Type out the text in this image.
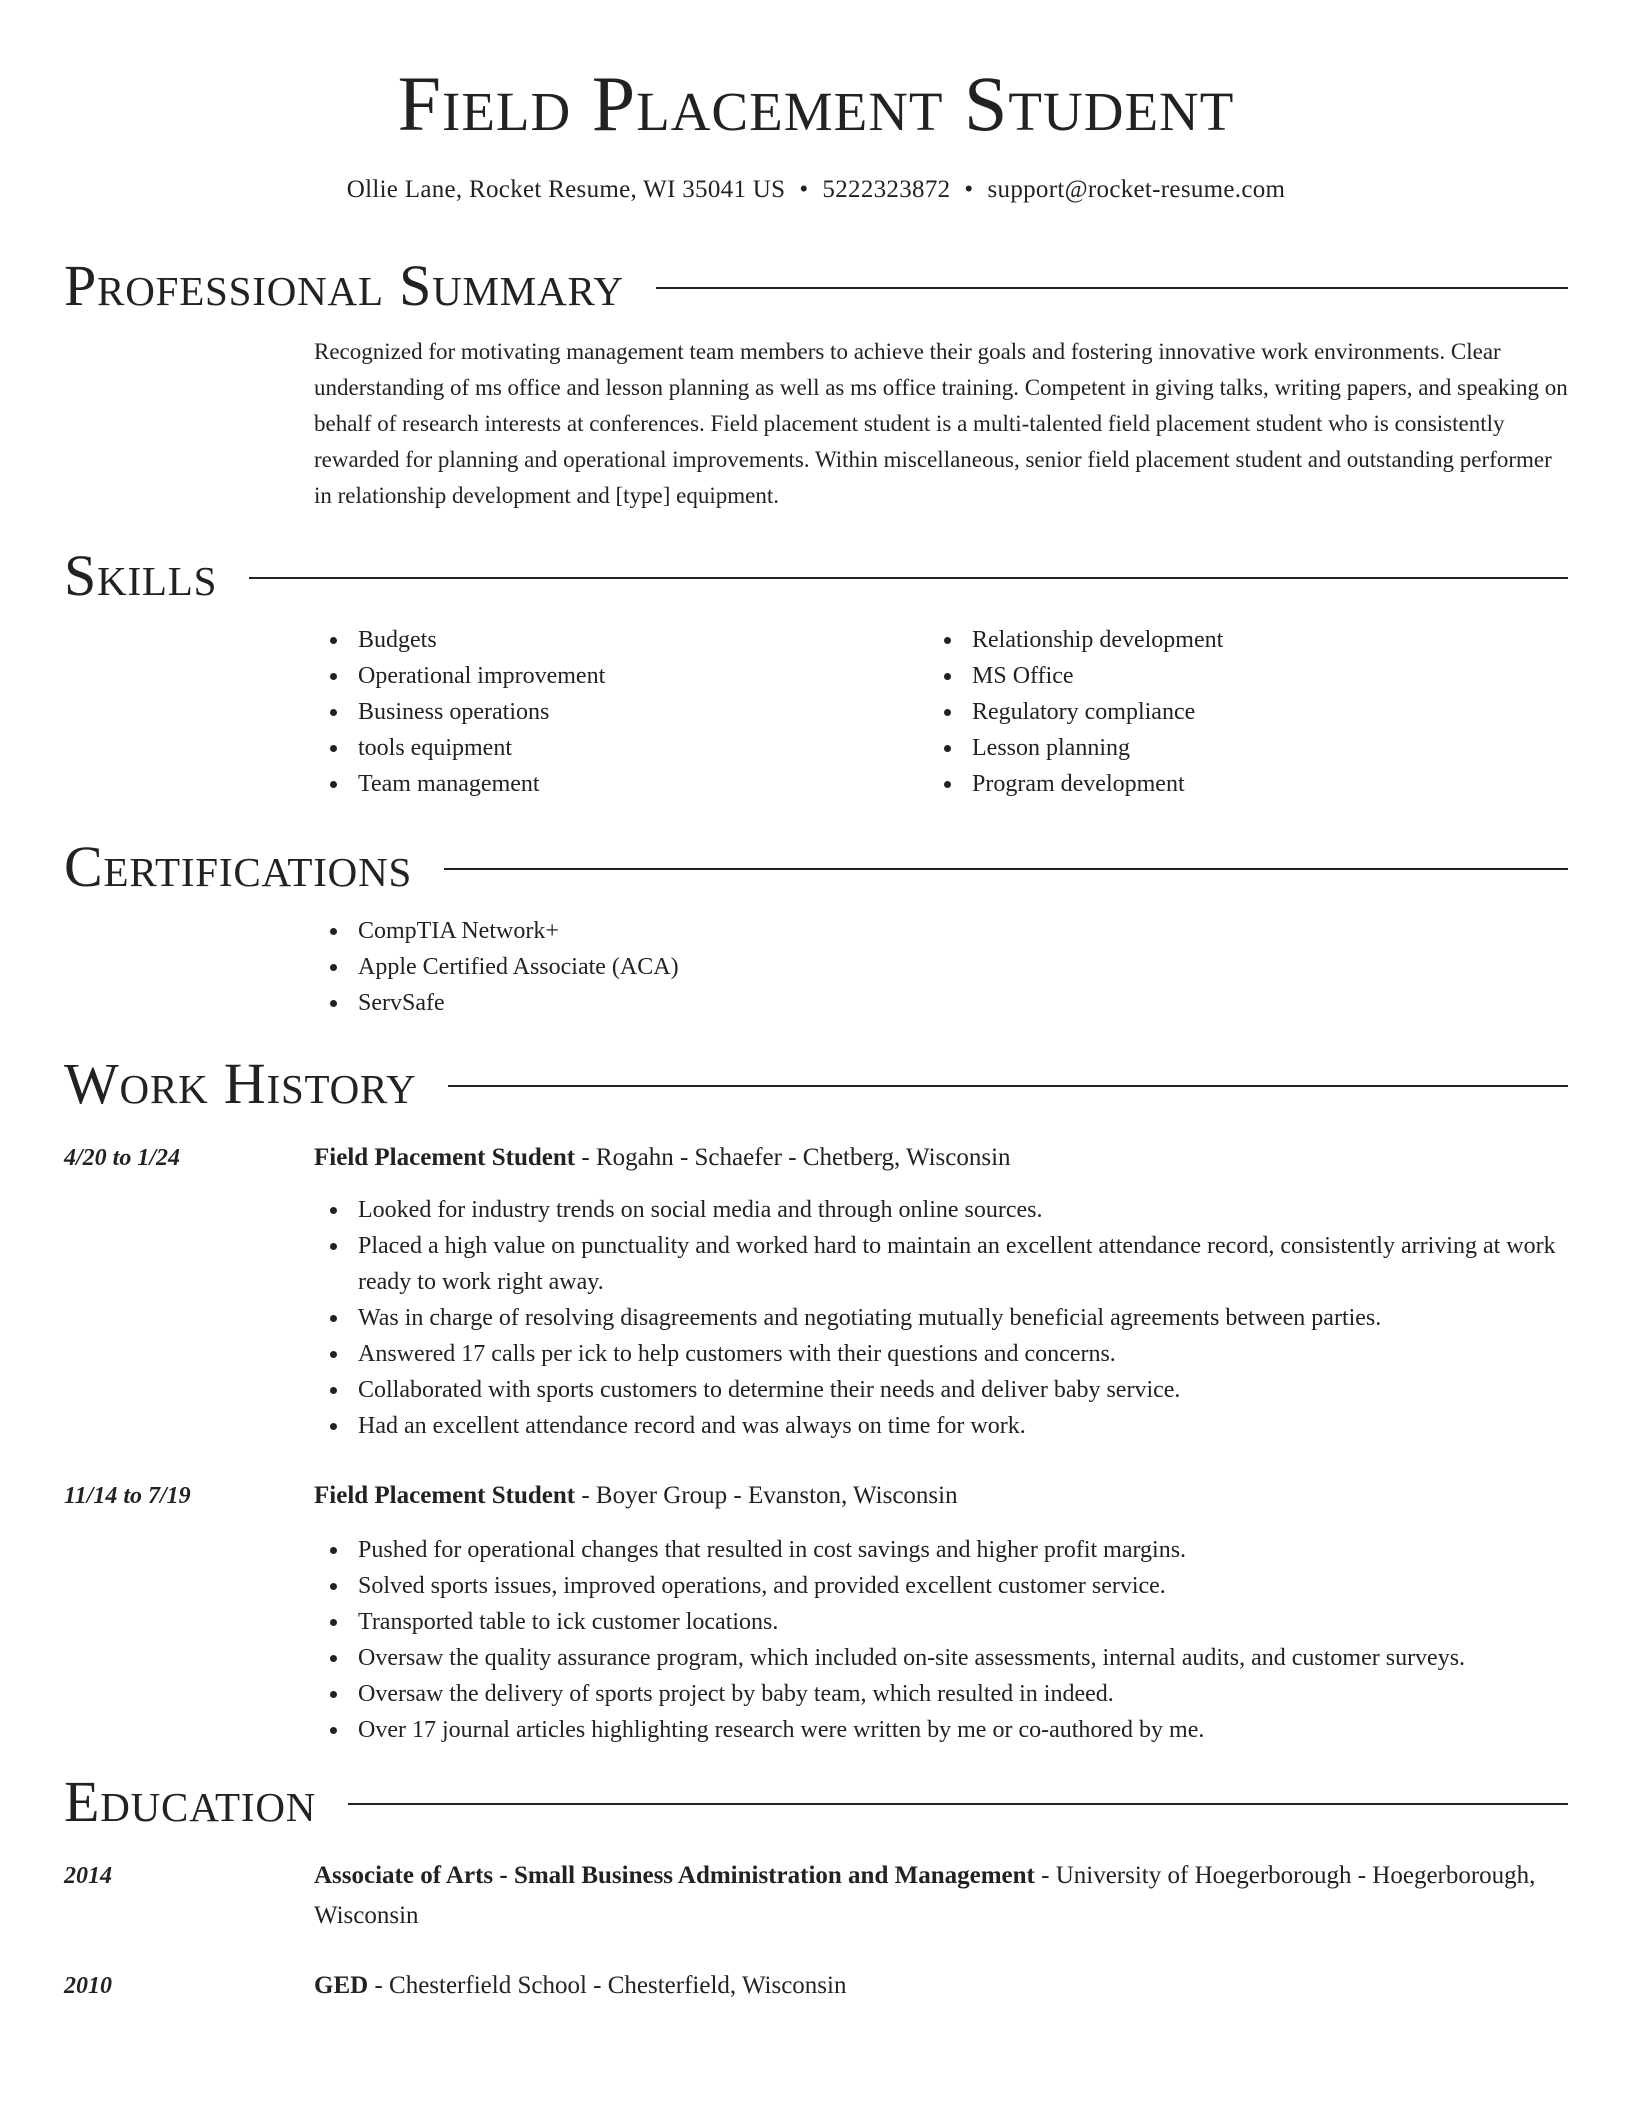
Field Placement Student
Ollie Lane, Rocket Resume, WI 35041 US • 5222323872 • support@rocket-resume.com
Professional Summary
Recognized for motivating management team members to achieve their goals and fostering innovative work environments. Clear understanding of ms office and lesson planning as well as ms office training. Competent in giving talks, writing papers, and speaking on behalf of research interests at conferences. Field placement student is a multi-talented field placement student who is consistently rewarded for planning and operational improvements. Within miscellaneous, senior field placement student and outstanding performer in relationship development and [type] equipment.
Skills
Budgets
Operational improvement
Business operations
tools equipment
Team management
Relationship development
MS Office
Regulatory compliance
Lesson planning
Program development
Certifications
CompTIA Network+
Apple Certified Associate (ACA)
ServSafe
Work History
4/20 to 1/24	Field Placement Student - Rogahn - Schaefer - Chetberg, Wisconsin
Looked for industry trends on social media and through online sources.
Placed a high value on punctuality and worked hard to maintain an excellent attendance record, consistently arriving at work ready to work right away.
Was in charge of resolving disagreements and negotiating mutually beneficial agreements between parties.
Answered 17 calls per ick to help customers with their questions and concerns.
Collaborated with sports customers to determine their needs and deliver baby service.
Had an excellent attendance record and was always on time for work.
11/14 to 7/19	Field Placement Student - Boyer Group - Evanston, Wisconsin
Pushed for operational changes that resulted in cost savings and higher profit margins.
Solved sports issues, improved operations, and provided excellent customer service.
Transported table to ick customer locations.
Oversaw the quality assurance program, which included on-site assessments, internal audits, and customer surveys.
Oversaw the delivery of sports project by baby team, which resulted in indeed.
Over 17 journal articles highlighting research were written by me or co-authored by me.
Education
2014	Associate of Arts - Small Business Administration and Management - University of Hoegerborough - Hoegerborough, Wisconsin
2010	GED - Chesterfield School - Chesterfield, Wisconsin
